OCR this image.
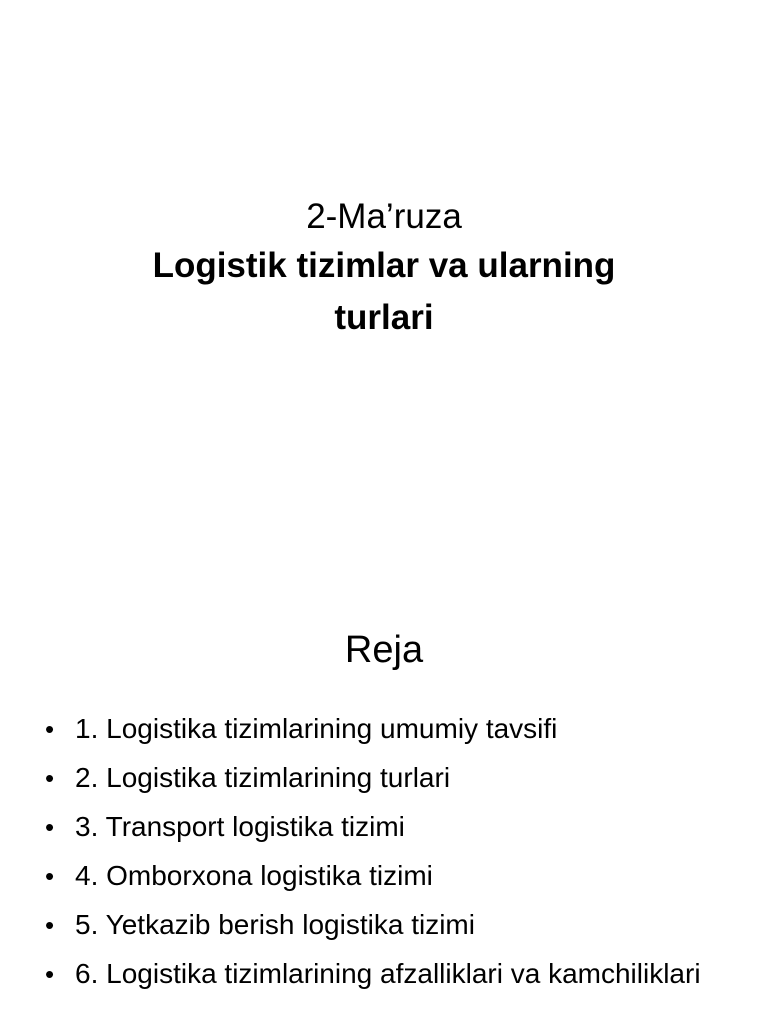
2-Ma’ruza
Logistik tizimlar va ularning turlari
Reja
• 1. Logistika tizimlarining umumiy tavsifi
• 2. Logistika tizimlarining turlari
• 3. Transport logistika tizimi
• 4. Omborxona logistika tizimi
• 5. Yetkazib berish logistika tizimi
• 6. Logistika tizimlarining afzalliklari va kamchiliklari
